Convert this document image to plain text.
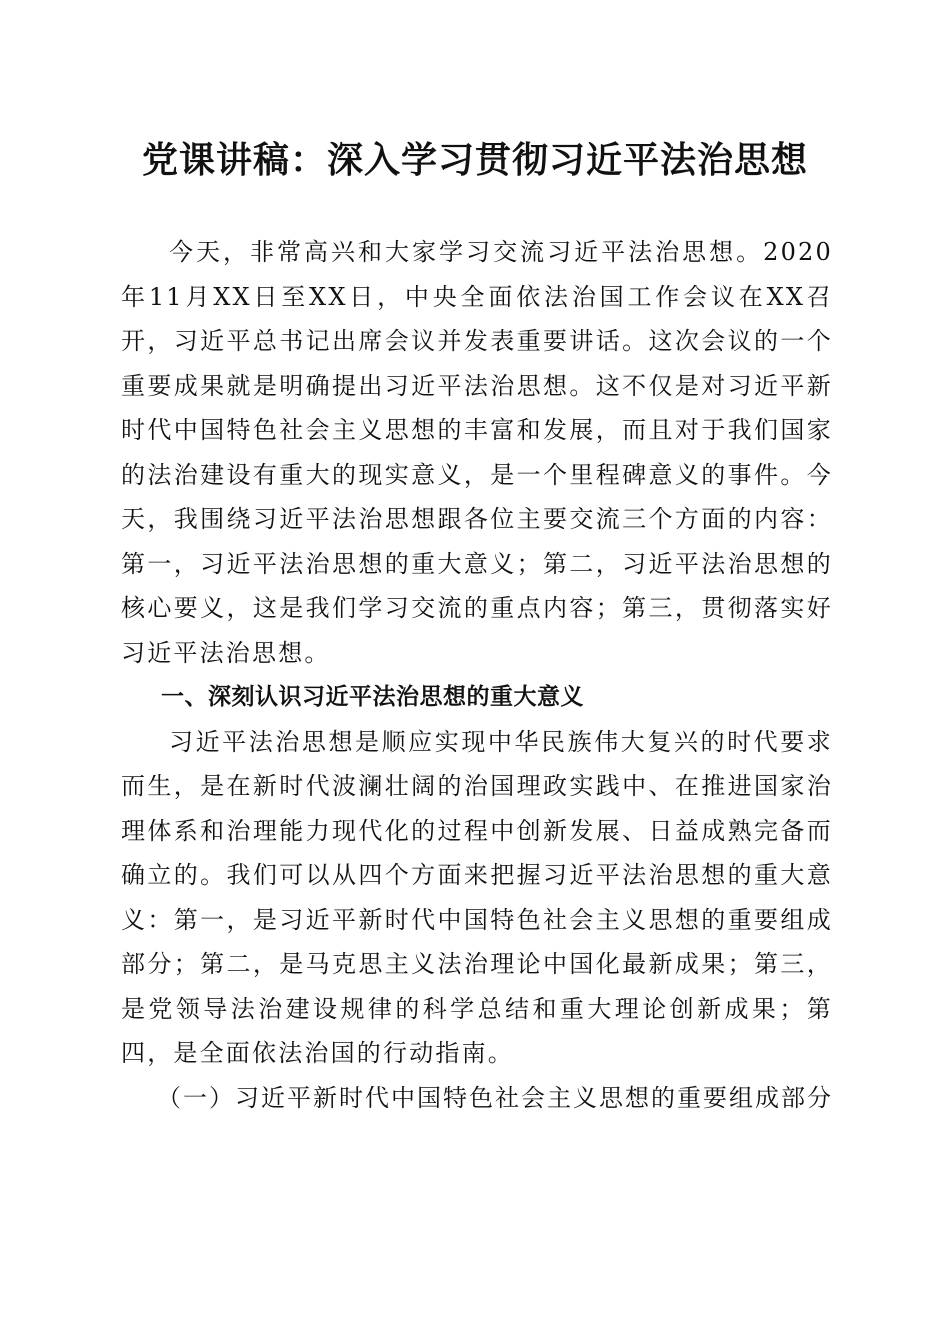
党课讲稿：深入学习贯彻习近平法治思想

今天，非常高兴和大家学习交流习近平法治思想。2020年11月XX日至XX日，中央全面依法治国工作会议在XX召开，习近平总书记出席会议并发表重要讲话。这次会议的一个重要成果就是明确提出习近平法治思想。这不仅是对习近平新时代中国特色社会主义思想的丰富和发展，而且对于我们国家的法治建设有重大的现实意义，是一个里程碑意义的事件。今天，我围绕习近平法治思想跟各位主要交流三个方面的内容：第一，习近平法治思想的重大意义；第二，习近平法治思想的核心要义，这是我们学习交流的重点内容；第三，贯彻落实好习近平法治思想。

一、深刻认识习近平法治思想的重大意义

习近平法治思想是顺应实现中华民族伟大复兴的时代要求而生，是在新时代波澜壮阔的治国理政实践中、在推进国家治理体系和治理能力现代化的过程中创新发展、日益成熟完备而确立的。我们可以从四个方面来把握习近平法治思想的重大意义：第一，是习近平新时代中国特色社会主义思想的重要组成部分；第二，是马克思主义法治理论中国化最新成果；第三，是党领导法治建设规律的科学总结和重大理论创新成果；第四，是全面依法治国的行动指南。

（一）习近平新时代中国特色社会主义思想的重要组成部分
